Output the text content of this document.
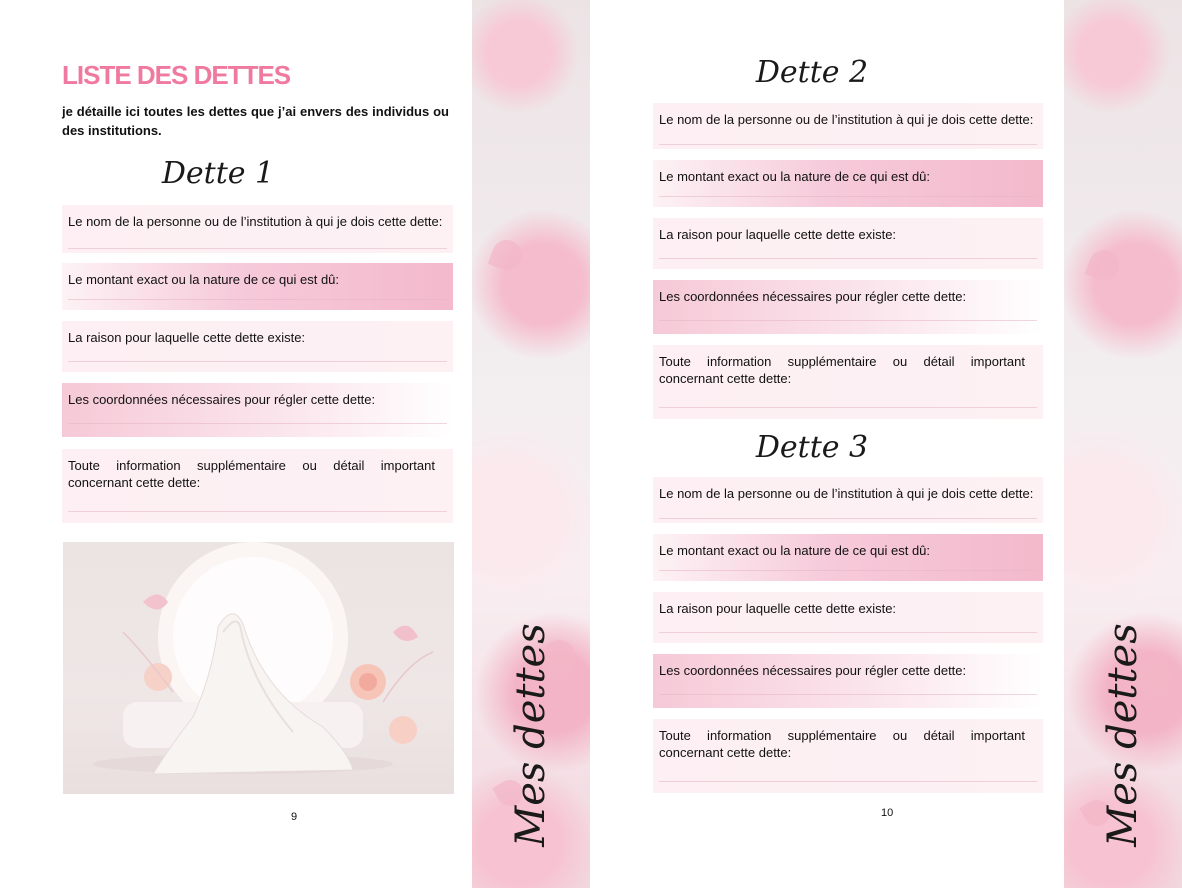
LISTE DES DETTES
je détaille ici toutes les dettes que j’ai envers des individus ou des institutions.
Dette 1
Le nom de la personne ou de l’institution à qui je dois cette dette:
Le montant exact ou la nature de ce qui est dû:
La raison pour laquelle cette dette existe:
Les coordonnées nécessaires pour régler cette dette:
Toute information supplémentaire ou détail important concernant cette dette:
9	Mes dettes
Dette 2
Le nom de la personne ou de l’institution à qui je dois cette dette:
Le montant exact ou la nature de ce qui est dû:
La raison pour laquelle cette dette existe:
Les coordonnées nécessaires pour régler cette dette:
Toute information supplémentaire ou détail important concernant cette dette:
Dette 3
Le nom de la personne ou de l’institution à qui je dois cette dette:
Le montant exact ou la nature de ce qui est dû:
La raison pour laquelle cette dette existe:
Les coordonnées nécessaires pour régler cette dette:
Toute information supplémentaire ou détail important concernant cette dette:
10	Mes dettes
